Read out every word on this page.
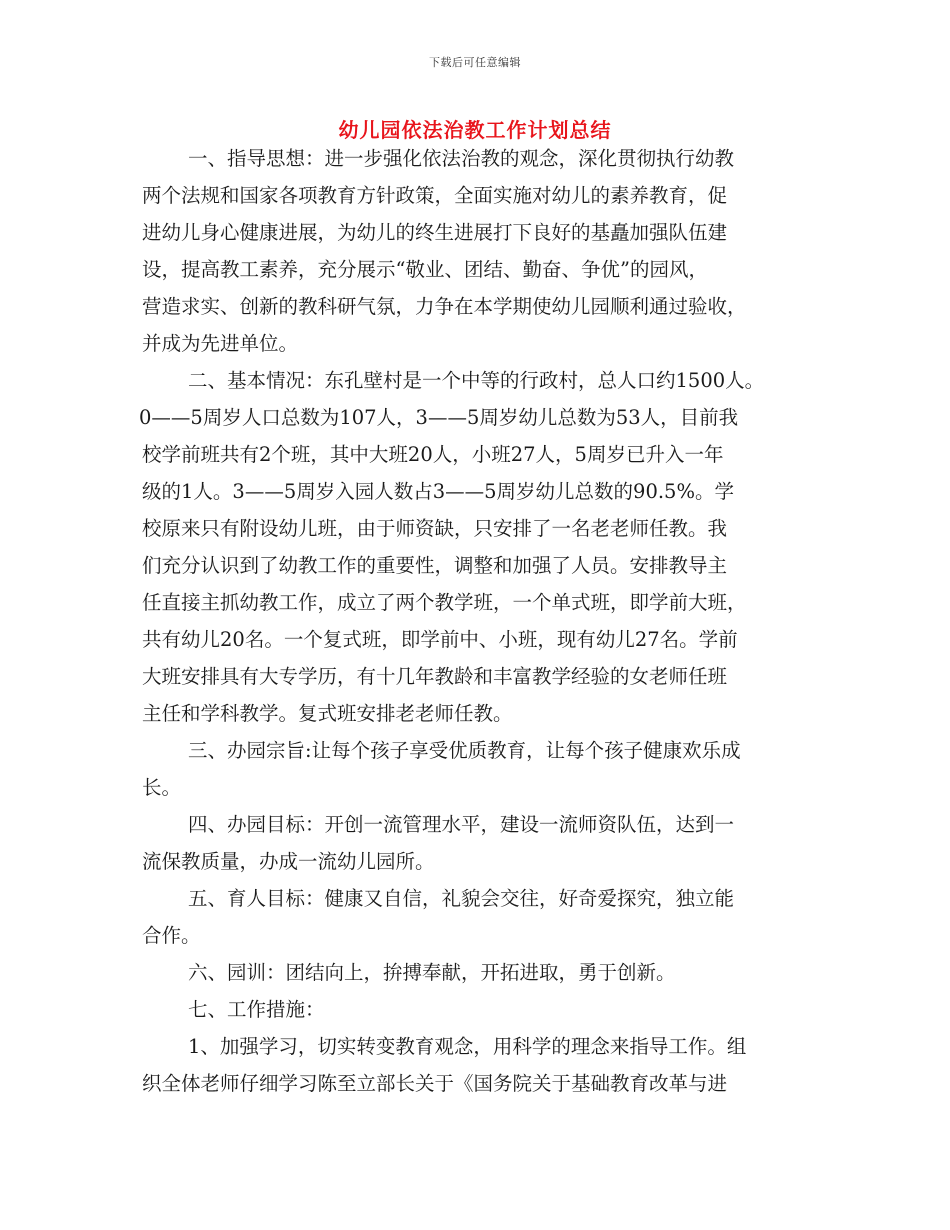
下载后可任意编辑
幼儿园依法治教工作计划总结
一、指导思想：进一步强化依法治教的观念，深化贯彻执行幼教
两个法规和国家各项教育方针政策，全面实施对幼儿的素养教育，促
进幼儿身心健康进展，为幼儿的终生进展打下良好的基矗加强队伍建
设，提高教工素养，充分展示“敬业、团结、勤奋、争优”的园风，
营造求实、创新的教科研气氛，力争在本学期使幼儿园顺利通过验收，
并成为先进单位。
二、基本情况：东孔壁村是一个中等的行政村，总人口约1500人。
0——5周岁人口总数为107人，3——5周岁幼儿总数为53人，目前我
校学前班共有2个班，其中大班20人，小班27人，5周岁已升入一年
级的1人。3——5周岁入园人数占3——5周岁幼儿总数的90.5%。学
校原来只有附设幼儿班，由于师资缺，只安排了一名老老师任教。我
们充分认识到了幼教工作的重要性，调整和加强了人员。安排教导主
任直接主抓幼教工作，成立了两个教学班，一个单式班，即学前大班，
共有幼儿20名。一个复式班，即学前中、小班，现有幼儿27名。学前
大班安排具有大专学历，有十几年教龄和丰富教学经验的女老师任班
主任和学科教学。复式班安排老老师任教。
三、办园宗旨:让每个孩子享受优质教育，让每个孩子健康欢乐成
长。
四、办园目标：开创一流管理水平，建设一流师资队伍，达到一
流保教质量，办成一流幼儿园所。
五、育人目标：健康又自信，礼貌会交往，好奇爱探究，独立能
合作。
六、园训：团结向上，拚搏奉献，开拓进取，勇于创新。
七、工作措施：
1、加强学习，切实转变教育观念，用科学的理念来指导工作。组
织全体老师仔细学习陈至立部长关于《国务院关于基础教育改革与进
